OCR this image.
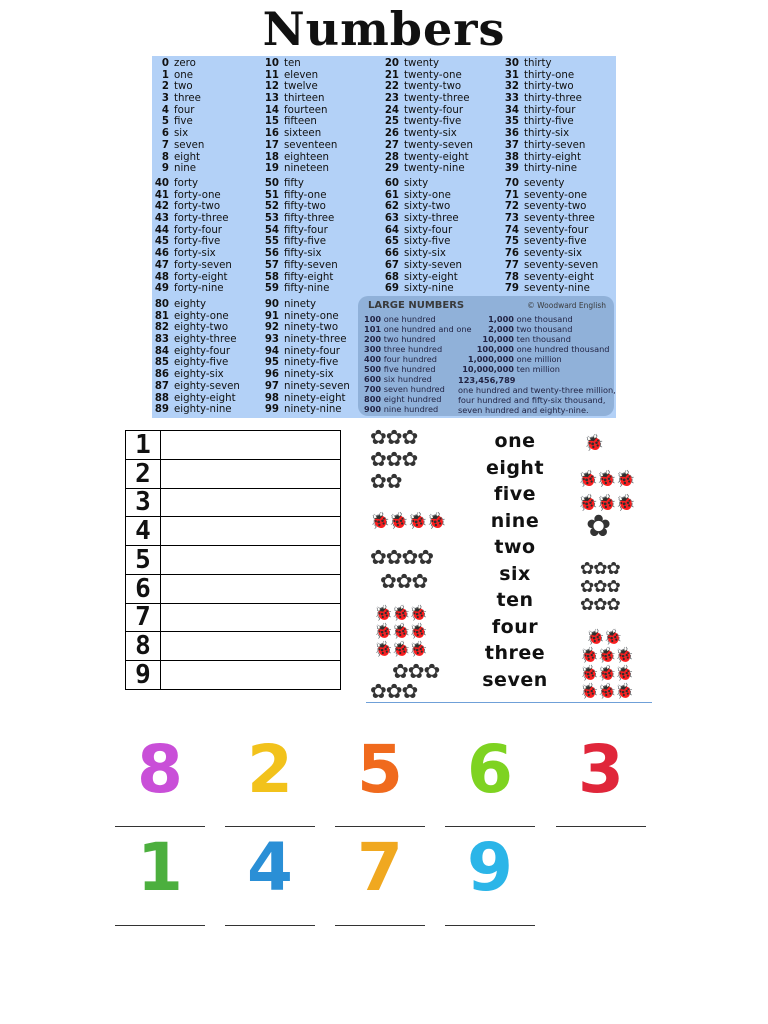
Numbers
0 zero
1 one
2 two
3 three
4 four
5 five
6 six
7 seven
8 eight
9 nine
10 ten
11 eleven
12 twelve
13 thirteen
14 fourteen
15 fifteen
16 sixteen
17 seventeen
18 eighteen
19 nineteen
20 twenty
21 twenty-one
22 twenty-two
23 twenty-three
24 twenty-four
25 twenty-five
26 twenty-six
27 twenty-seven
28 twenty-eight
29 twenty-nine
30 thirty
31 thirty-one
32 thirty-two
33 thirty-three
34 thirty-four
35 thirty-five
36 thirty-six
37 thirty-seven
38 thirty-eight
39 thirty-nine
40 forty
41 forty-one
42 forty-two
43 forty-three
44 forty-four
45 forty-five
46 forty-six
47 forty-seven
48 forty-eight
49 forty-nine
50 fifty
51 fifty-one
52 fifty-two
53 fifty-three
54 fifty-four
55 fifty-five
56 fifty-six
57 fifty-seven
58 fifty-eight
59 fifty-nine
60 sixty
61 sixty-one
62 sixty-two
63 sixty-three
64 sixty-four
65 sixty-five
66 sixty-six
67 sixty-seven
68 sixty-eight
69 sixty-nine
70 seventy
71 seventy-one
72 seventy-two
73 seventy-three
74 seventy-four
75 seventy-five
76 seventy-six
77 seventy-seven
78 seventy-eight
79 seventy-nine
80 eighty
81 eighty-one
82 eighty-two
83 eighty-three
84 eighty-four
85 eighty-five
86 eighty-six
87 eighty-seven
88 eighty-eight
89 eighty-nine
90 ninety
91 ninety-one
92 ninety-two
93 ninety-three
94 ninety-four
95 ninety-five
96 ninety-six
97 ninety-seven
98 ninety-eight
99 ninety-nine
LARGE NUMBERS	© Woodward English
100 one hundred
101 one hundred and one
200 two hundred
300 three hundred
400 four hundred
500 five hundred
600 six hundred
700 seven hundred
800 eight hundred
900 nine hundred
1,000 one thousand
2,000 two thousand
10,000 ten thousand
100,000 one hundred thousand
1,000,000 one million
10,000,000 ten million
123,456,789
one hundred and twenty-three million,
four hundred and fifty-six thousand,
seven hundred and eighty-nine.
1	
2	
3	
4	
5	
6	
7	
8	
9	
one
eight
five
nine
two
six
ten
four
three
seven
✿✿✿
✿✿✿
✿✿
🐞
🐞🐞🐞
🐞🐞🐞
🐞🐞🐞🐞	✿
✿✿✿✿
✿✿✿	✿✿✿
✿✿✿
✿✿✿
🐞🐞🐞
🐞🐞🐞
🐞🐞🐞
🐞🐞
🐞🐞🐞
🐞🐞🐞
🐞🐞🐞
✿✿✿
✿✿✿
8 2 5 6 3
1 4 7 9
